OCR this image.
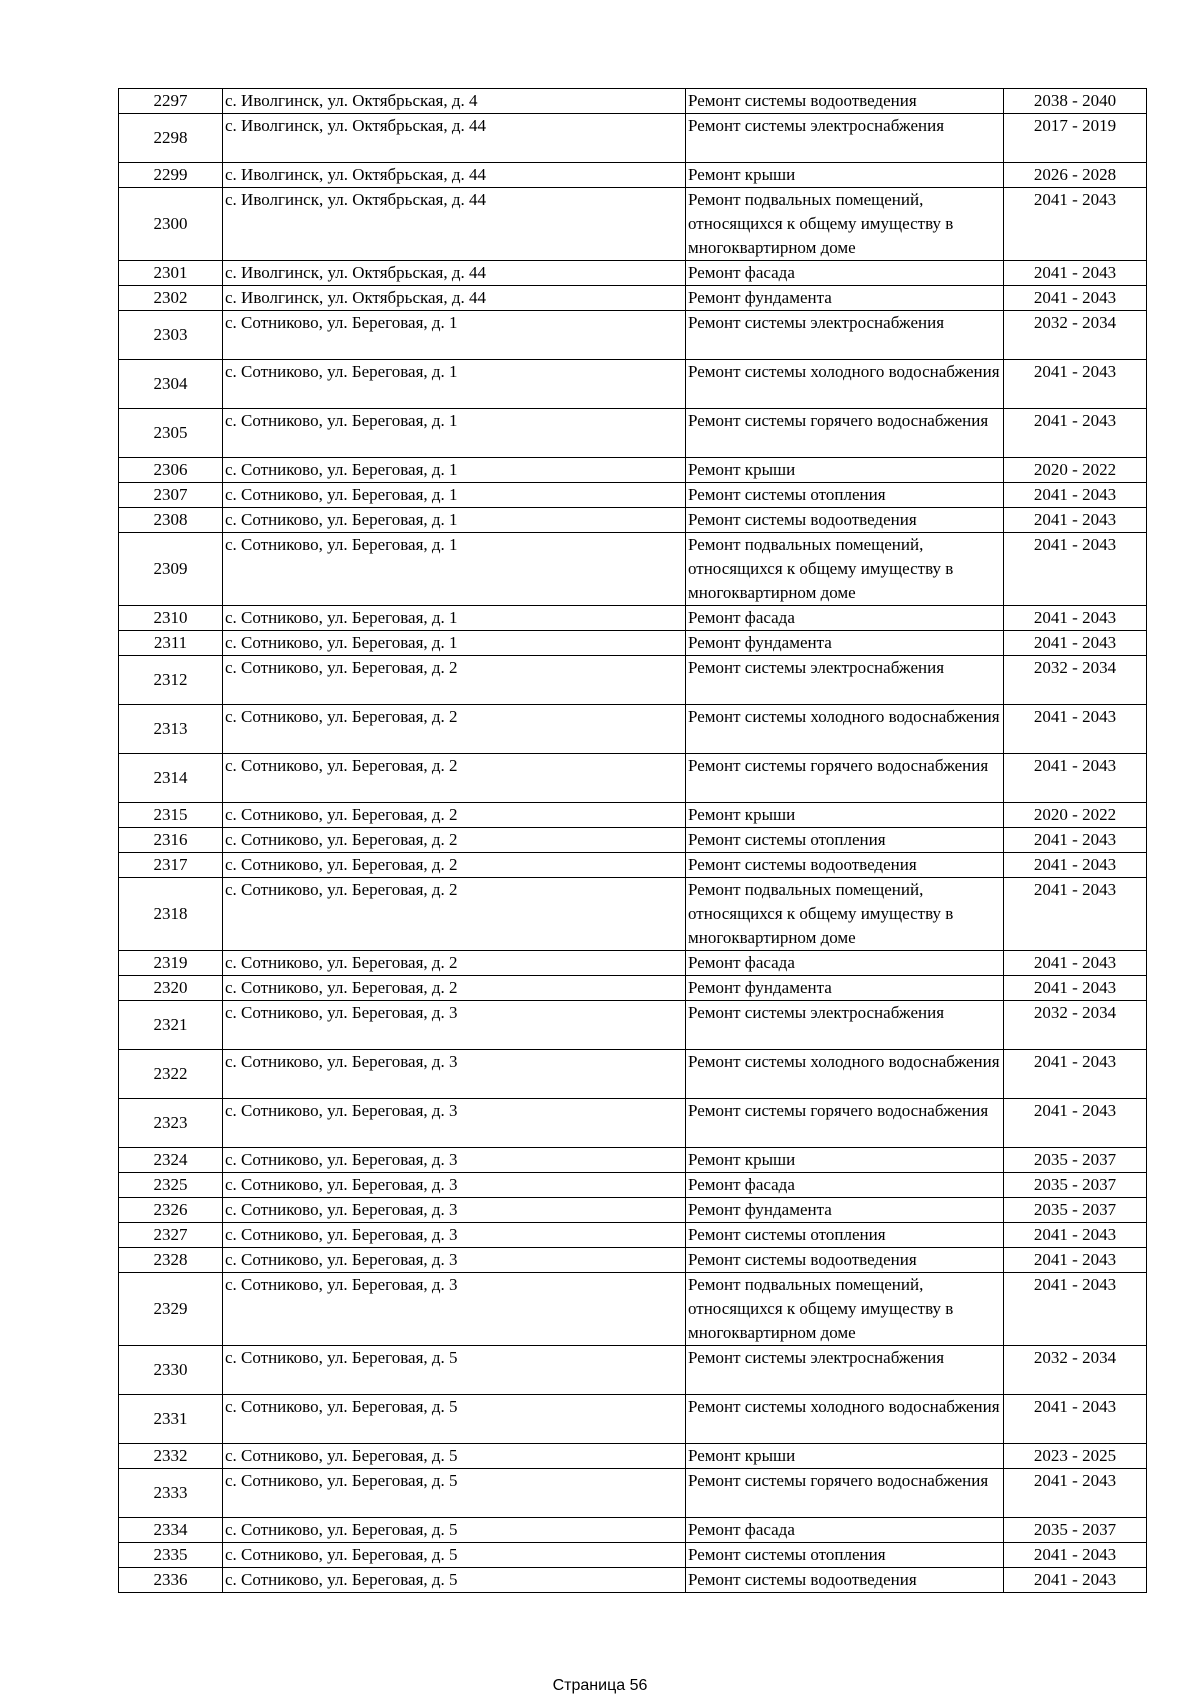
2297	с. Иволгинск, ул. Октябрьская, д. 4	Ремонт системы водоотведения	2038 - 2040
2298	с. Иволгинск, ул. Октябрьская, д. 44	Ремонт системы электроснабжения	2017 - 2019
2299	с. Иволгинск, ул. Октябрьская, д. 44	Ремонт крыши	2026 - 2028
2300	с. Иволгинск, ул. Октябрьская, д. 44	Ремонт подвальных помещений, относящихся к общему имуществу в многоквартирном доме	2041 - 2043
2301	с. Иволгинск, ул. Октябрьская, д. 44	Ремонт фасада	2041 - 2043
2302	с. Иволгинск, ул. Октябрьская, д. 44	Ремонт фундамента	2041 - 2043
2303	с. Сотниково, ул. Береговая, д. 1	Ремонт системы электроснабжения	2032 - 2034
2304	с. Сотниково, ул. Береговая, д. 1	Ремонт системы холодного водоснабжения	2041 - 2043
2305	с. Сотниково, ул. Береговая, д. 1	Ремонт системы горячего водоснабжения	2041 - 2043
2306	с. Сотниково, ул. Береговая, д. 1	Ремонт крыши	2020 - 2022
2307	с. Сотниково, ул. Береговая, д. 1	Ремонт системы отопления	2041 - 2043
2308	с. Сотниково, ул. Береговая, д. 1	Ремонт системы водоотведения	2041 - 2043
2309	с. Сотниково, ул. Береговая, д. 1	Ремонт подвальных помещений, относящихся к общему имуществу в многоквартирном доме	2041 - 2043
2310	с. Сотниково, ул. Береговая, д. 1	Ремонт фасада	2041 - 2043
2311	с. Сотниково, ул. Береговая, д. 1	Ремонт фундамента	2041 - 2043
2312	с. Сотниково, ул. Береговая, д. 2	Ремонт системы электроснабжения	2032 - 2034
2313	с. Сотниково, ул. Береговая, д. 2	Ремонт системы холодного водоснабжения	2041 - 2043
2314	с. Сотниково, ул. Береговая, д. 2	Ремонт системы горячего водоснабжения	2041 - 2043
2315	с. Сотниково, ул. Береговая, д. 2	Ремонт крыши	2020 - 2022
2316	с. Сотниково, ул. Береговая, д. 2	Ремонт системы отопления	2041 - 2043
2317	с. Сотниково, ул. Береговая, д. 2	Ремонт системы водоотведения	2041 - 2043
2318	с. Сотниково, ул. Береговая, д. 2	Ремонт подвальных помещений, относящихся к общему имуществу в многоквартирном доме	2041 - 2043
2319	с. Сотниково, ул. Береговая, д. 2	Ремонт фасада	2041 - 2043
2320	с. Сотниково, ул. Береговая, д. 2	Ремонт фундамента	2041 - 2043
2321	с. Сотниково, ул. Береговая, д. 3	Ремонт системы электроснабжения	2032 - 2034
2322	с. Сотниково, ул. Береговая, д. 3	Ремонт системы холодного водоснабжения	2041 - 2043
2323	с. Сотниково, ул. Береговая, д. 3	Ремонт системы горячего водоснабжения	2041 - 2043
2324	с. Сотниково, ул. Береговая, д. 3	Ремонт крыши	2035 - 2037
2325	с. Сотниково, ул. Береговая, д. 3	Ремонт фасада	2035 - 2037
2326	с. Сотниково, ул. Береговая, д. 3	Ремонт фундамента	2035 - 2037
2327	с. Сотниково, ул. Береговая, д. 3	Ремонт системы отопления	2041 - 2043
2328	с. Сотниково, ул. Береговая, д. 3	Ремонт системы водоотведения	2041 - 2043
2329	с. Сотниково, ул. Береговая, д. 3	Ремонт подвальных помещений, относящихся к общему имуществу в многоквартирном доме	2041 - 2043
2330	с. Сотниково, ул. Береговая, д. 5	Ремонт системы электроснабжения	2032 - 2034
2331	с. Сотниково, ул. Береговая, д. 5	Ремонт системы холодного водоснабжения	2041 - 2043
2332	с. Сотниково, ул. Береговая, д. 5	Ремонт крыши	2023 - 2025
2333	с. Сотниково, ул. Береговая, д. 5	Ремонт системы горячего водоснабжения	2041 - 2043
2334	с. Сотниково, ул. Береговая, д. 5	Ремонт фасада	2035 - 2037
2335	с. Сотниково, ул. Береговая, д. 5	Ремонт системы отопления	2041 - 2043
2336	с. Сотниково, ул. Береговая, д. 5	Ремонт системы водоотведения	2041 - 2043
Страница 56
